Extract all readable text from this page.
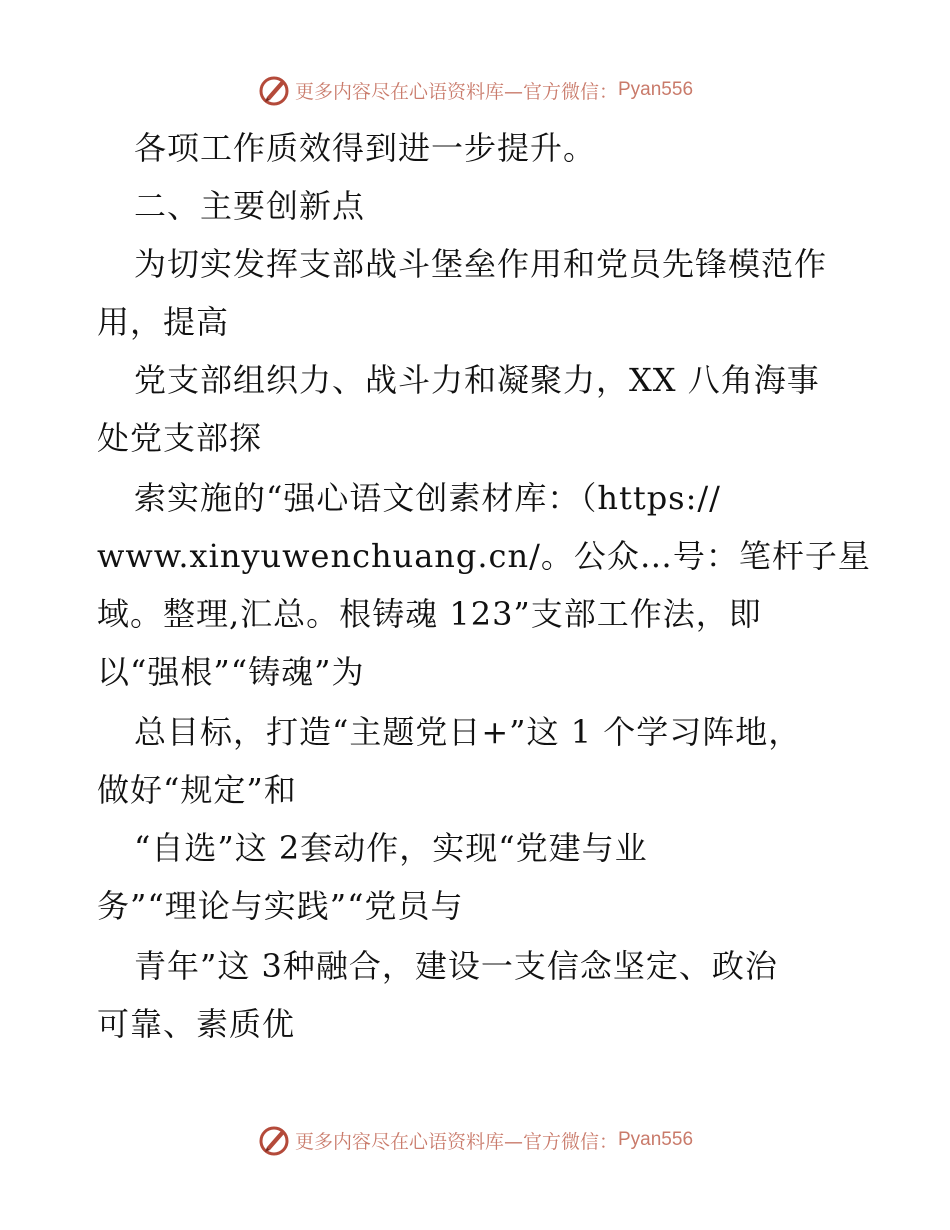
更多内容尽在心语资料库—官方微信： Pyan556
各项工作质效得到进一步提升。
二、主要创新点
为切实发挥支部战斗堡垒作用和党员先锋模范作
用，提高
党支部组织力、战斗力和凝聚力，XX 八角海事
处党支部探
索实施的“强心语文创素材库：（https://
www.xinyuwenchuang.cn/。公众…号：笔杆子星
域。整理,汇总。根铸魂 123”支部工作法，即
以“强根”“铸魂”为
总目标，打造“主题党日+”这 1 个学习阵地，
做好“规定”和
“自选”这 2套动作，实现“党建与业
务”“理论与实践”“党员与
青年”这 3种融合，建设一支信念坚定、政治
可靠、素质优
更多内容尽在心语资料库—官方微信： Pyan556
